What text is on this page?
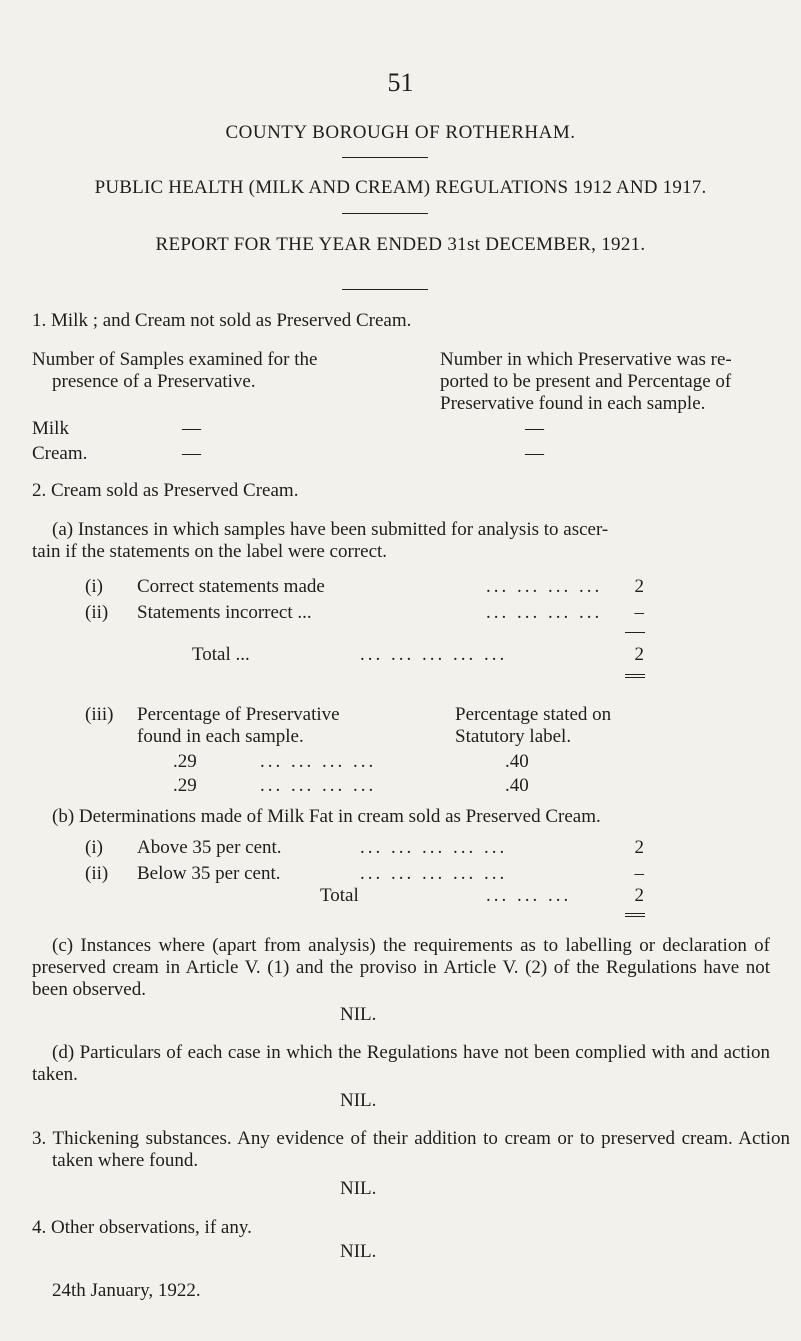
51
COUNTY BOROUGH OF ROTHERHAM.
PUBLIC HEALTH (MILK AND CREAM) REGULATIONS 1912 AND 1917.
REPORT FOR THE YEAR ENDED 31st DECEMBER, 1921.
1. Milk ; and Cream not sold as Preserved Cream.
Number of Samples examined for the
presence of a Preservative.
Number in which Preservative was re-
ported to be present and Percentage of
Preservative found in each sample.
Milk	—	—
Cream.	—	—
2. Cream sold as Preserved Cream.
(a) Instances in which samples have been submitted for analysis to ascer-
tain if the statements on the label were correct.
(i) Correct statements made	... ... ... ...	2
(ii) Statements incorrect ...	... ... ... ...	–
Total ...	... ... ... ... ...	2
(iii) Percentage of Preservative
found in each sample.
Percentage stated on
Statutory label.
.29	... ... ... ...	.40
.29	... ... ... ...	.40
(b) Determinations made of Milk Fat in cream sold as Preserved Cream.
(i) Above 35 per cent.	... ... ... ... ...	2
(ii) Below 35 per cent.	... ... ... ... ...	–
Total	... ... ...	2
(c) Instances where (apart from analysis) the requirements as to labelling or declaration of preserved cream in Article V. (1) and the proviso in Article V. (2) of the Regulations have not been observed.
NIL.
(d) Particulars of each case in which the Regulations have not been complied with and action taken.
NIL.
3. Thickening substances. Any evidence of their addition to cream or to preserved cream. Action taken where found.
NIL.
4. Other observations, if any.
NIL.
24th January, 1922.
